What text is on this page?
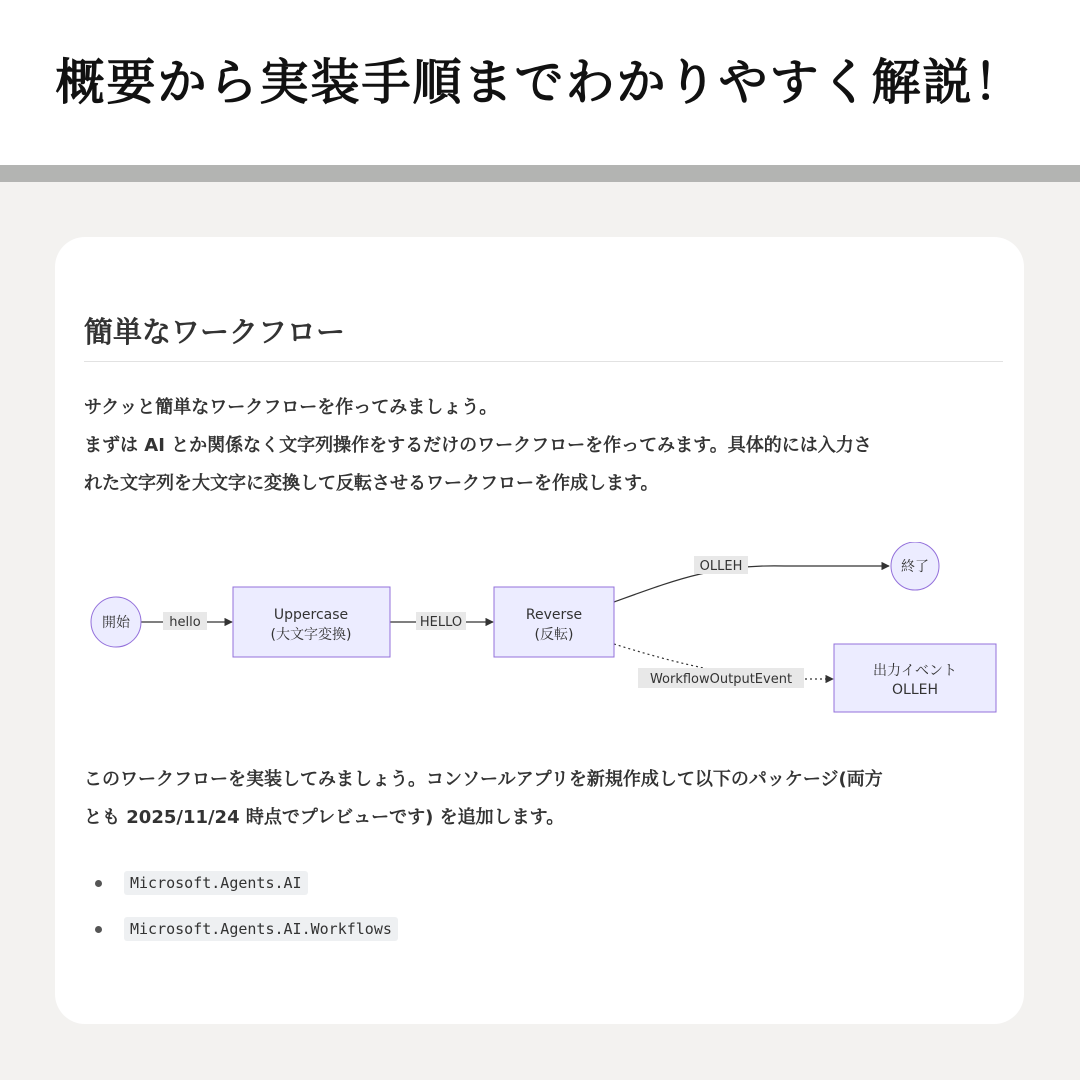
概要から実装手順までわかりやすく解説！
簡単なワークフロー

サクッと簡単なワークフローを作ってみましょう。
まずは AI とか関係なく文字列操作をするだけのワークフローを作ってみます。具体的には入力さ
れた文字列を大文字に変換して反転させるワークフローを作成します。

hello	HELLO
OLLEH
WorkflowOutputEvent
開始	Uppercase
(大文字変換)
Reverse
(反転)
終了
出力イベント
OLLEH

このワークフローを実装してみましょう。コンソールアプリを新規作成して以下のパッケージ(両方
とも 2025/11/24 時点でプレビューです) を追加します。

Microsoft.Agents.AI
Microsoft.Agents.AI.Workflows
